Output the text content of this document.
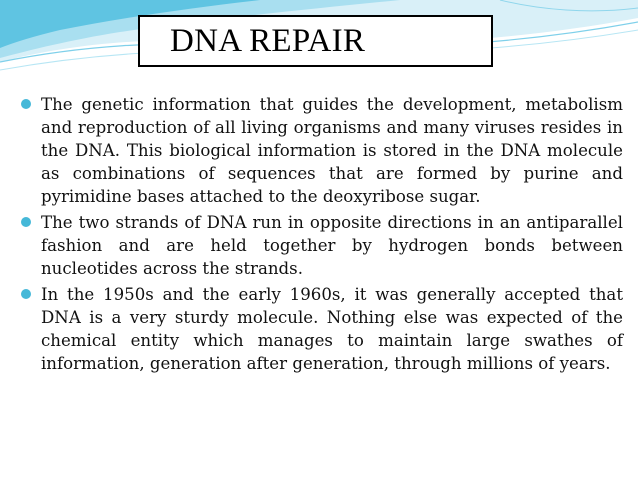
DNA REPAIR
The genetic information that guides the development, metabolism and reproduction of all living organisms and many viruses resides in the DNA. This biological information is stored in the DNA molecule as combinations of sequences that are formed by purine and pyrimidine bases attached to the deoxyribose sugar.
The two strands of DNA run in opposite directions in an antiparallel fashion and are held together by hydrogen bonds between nucleotides across the strands.
In the 1950s and the early 1960s, it was generally accepted that DNA is a very sturdy molecule. Nothing else was expected of the chemical entity which manages to maintain large swathes of information, generation after generation, through millions of years.
